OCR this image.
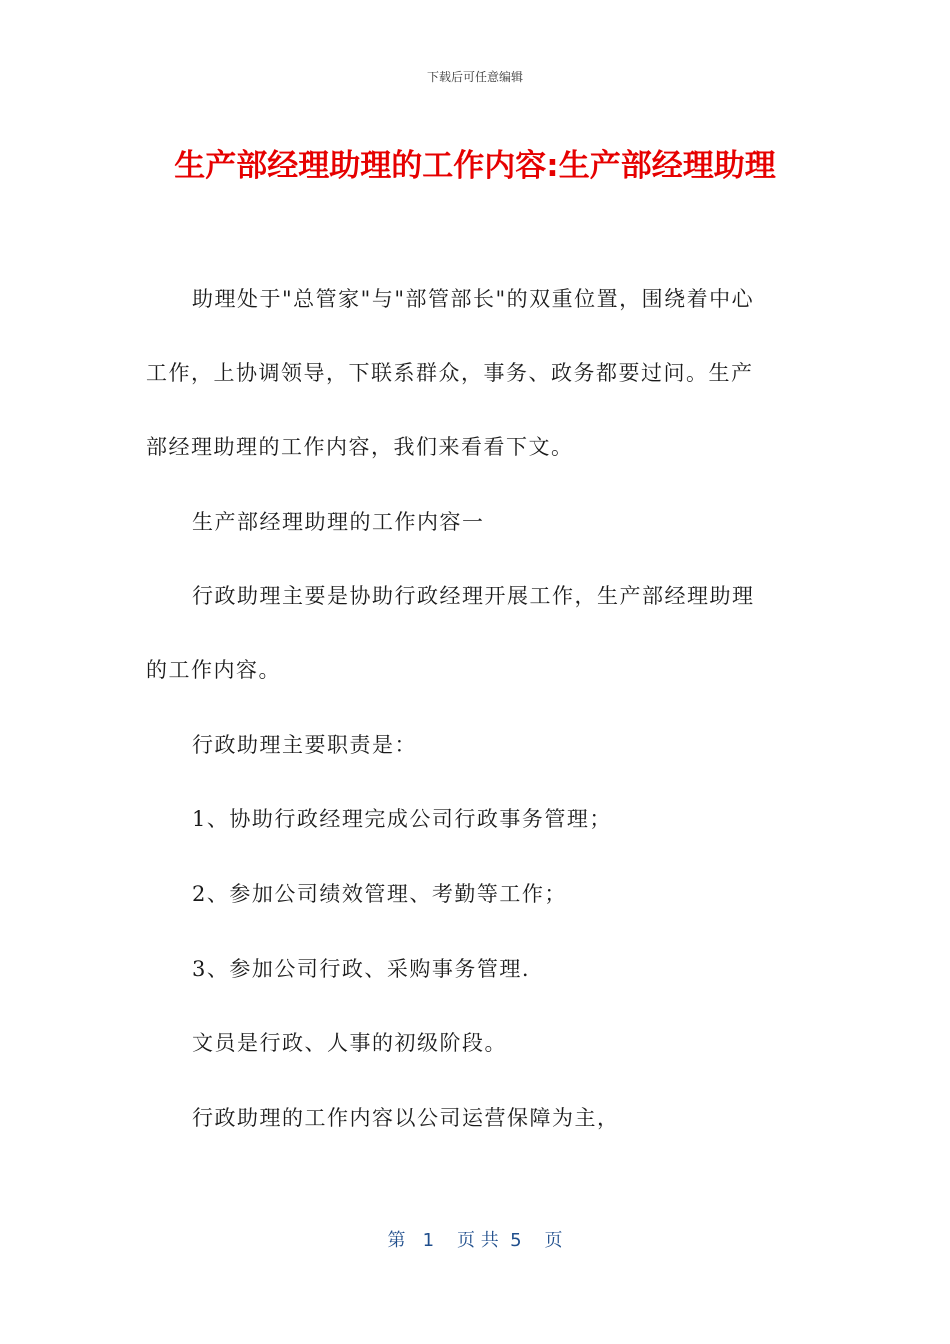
下载后可任意编辑
生产部经理助理的工作内容:生产部经理助理
助理处于"总管家"与"部管部长"的双重位置，围绕着中心
工作，上协调领导，下联系群众，事务、政务都要过问。生产
部经理助理的工作内容，我们来看看下文。
生产部经理助理的工作内容一
行政助理主要是协助行政经理开展工作，生产部经理助理
的工作内容。
行政助理主要职责是：
1、协助行政经理完成公司行政事务管理；
2、参加公司绩效管理、考勤等工作；
3、参加公司行政、采购事务管理.
文员是行政、人事的初级阶段。
行政助理的工作内容以公司运营保障为主，
第   1    页 共  5    页
